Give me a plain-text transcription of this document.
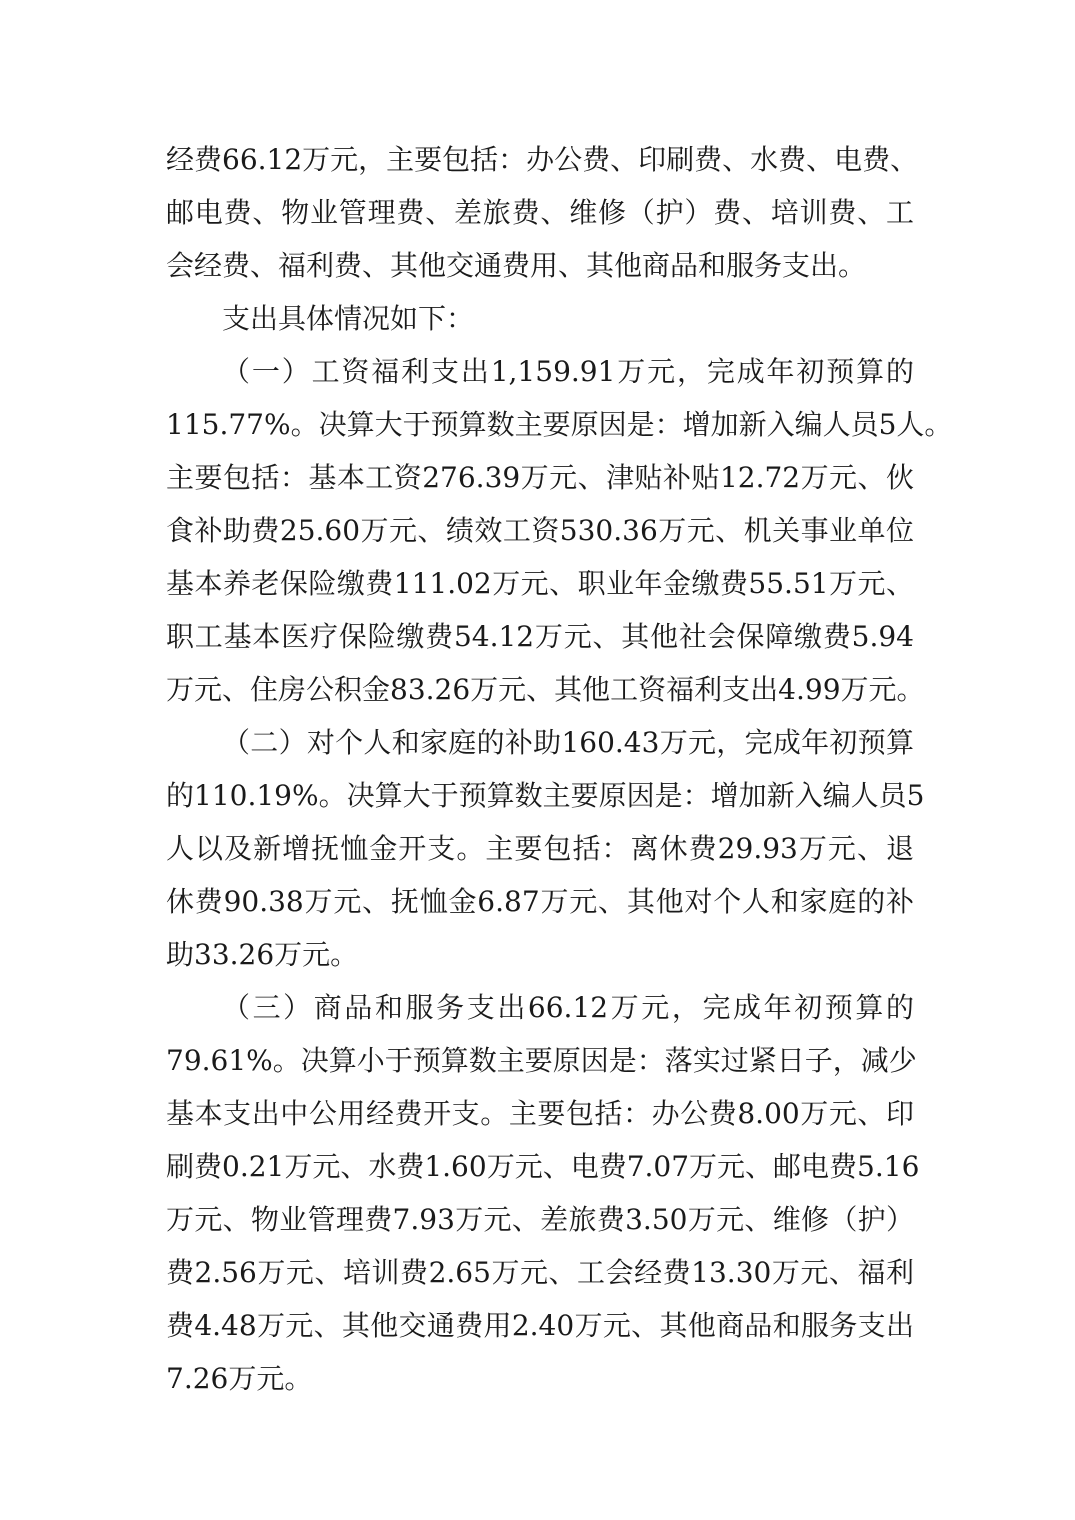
经费66.12万元，主要包括：办公费、印刷费、水费、电费、
邮电费、物业管理费、差旅费、维修（护）费、培训费、工
会经费、福利费、其他交通费用、其他商品和服务支出。
支出具体情况如下：
（一）工资福利支出1,159.91万元，完成年初预算的
115.77%。决算大于预算数主要原因是：增加新入编人员5人。
主要包括：基本工资276.39万元、津贴补贴12.72万元、伙
食补助费25.60万元、绩效工资530.36万元、机关事业单位
基本养老保险缴费111.02万元、职业年金缴费55.51万元、
职工基本医疗保险缴费54.12万元、其他社会保障缴费5.94
万元、住房公积金83.26万元、其他工资福利支出4.99万元。
（二）对个人和家庭的补助160.43万元，完成年初预算
的110.19%。决算大于预算数主要原因是：增加新入编人员5
人以及新增抚恤金开支。主要包括：离休费29.93万元、退
休费90.38万元、抚恤金6.87万元、其他对个人和家庭的补
助33.26万元。
（三）商品和服务支出66.12万元，完成年初预算的
79.61%。决算小于预算数主要原因是：落实过紧日子，减少
基本支出中公用经费开支。主要包括：办公费8.00万元、印
刷费0.21万元、水费1.60万元、电费7.07万元、邮电费5.16
万元、物业管理费7.93万元、差旅费3.50万元、维修（护）
费2.56万元、培训费2.65万元、工会经费13.30万元、福利
费4.48万元、其他交通费用2.40万元、其他商品和服务支出
7.26万元。
